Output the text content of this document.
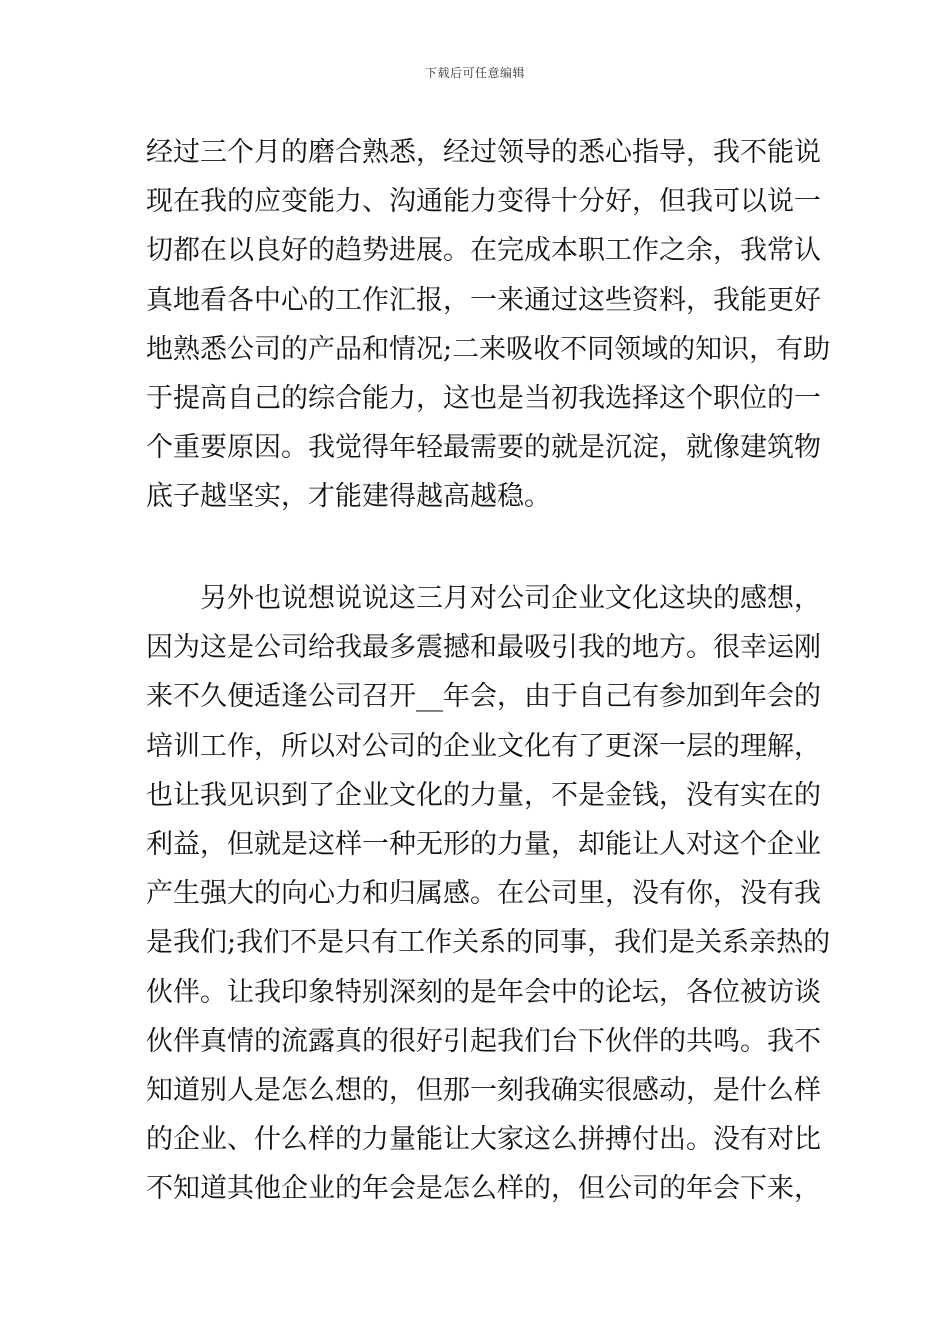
下载后可任意编辑
经过三个月的磨合熟悉，经过领导的悉心指导，我不能说
现在我的应变能力、沟通能力变得十分好，但我可以说一
切都在以良好的趋势进展。在完成本职工作之余，我常认
真地看各中心的工作汇报，一来通过这些资料，我能更好
地熟悉公司的产品和情况;二来吸收不同领域的知识，有助
于提高自己的综合能力，这也是当初我选择这个职位的一
个重要原因。我觉得年轻最需要的就是沉淀，就像建筑物
底子越坚实，才能建得越高越稳。
　　另外也说想说说这三月对公司企业文化这块的感想，
因为这是公司给我最多震撼和最吸引我的地方。很幸运刚
来不久便适逢公司召开__年会，由于自己有参加到年会的
培训工作，所以对公司的企业文化有了更深一层的理解，
也让我见识到了企业文化的力量，不是金钱，没有实在的
利益，但就是这样一种无形的力量，却能让人对这个企业
产生强大的向心力和归属感。在公司里，没有你，没有我
是我们;我们不是只有工作关系的同事，我们是关系亲热的
伙伴。让我印象特别深刻的是年会中的论坛，各位被访谈
伙伴真情的流露真的很好引起我们台下伙伴的共鸣。我不
知道别人是怎么想的，但那一刻我确实很感动，是什么样
的企业、什么样的力量能让大家这么拼搏付出。没有对比
不知道其他企业的年会是怎么样的，但公司的年会下来，
